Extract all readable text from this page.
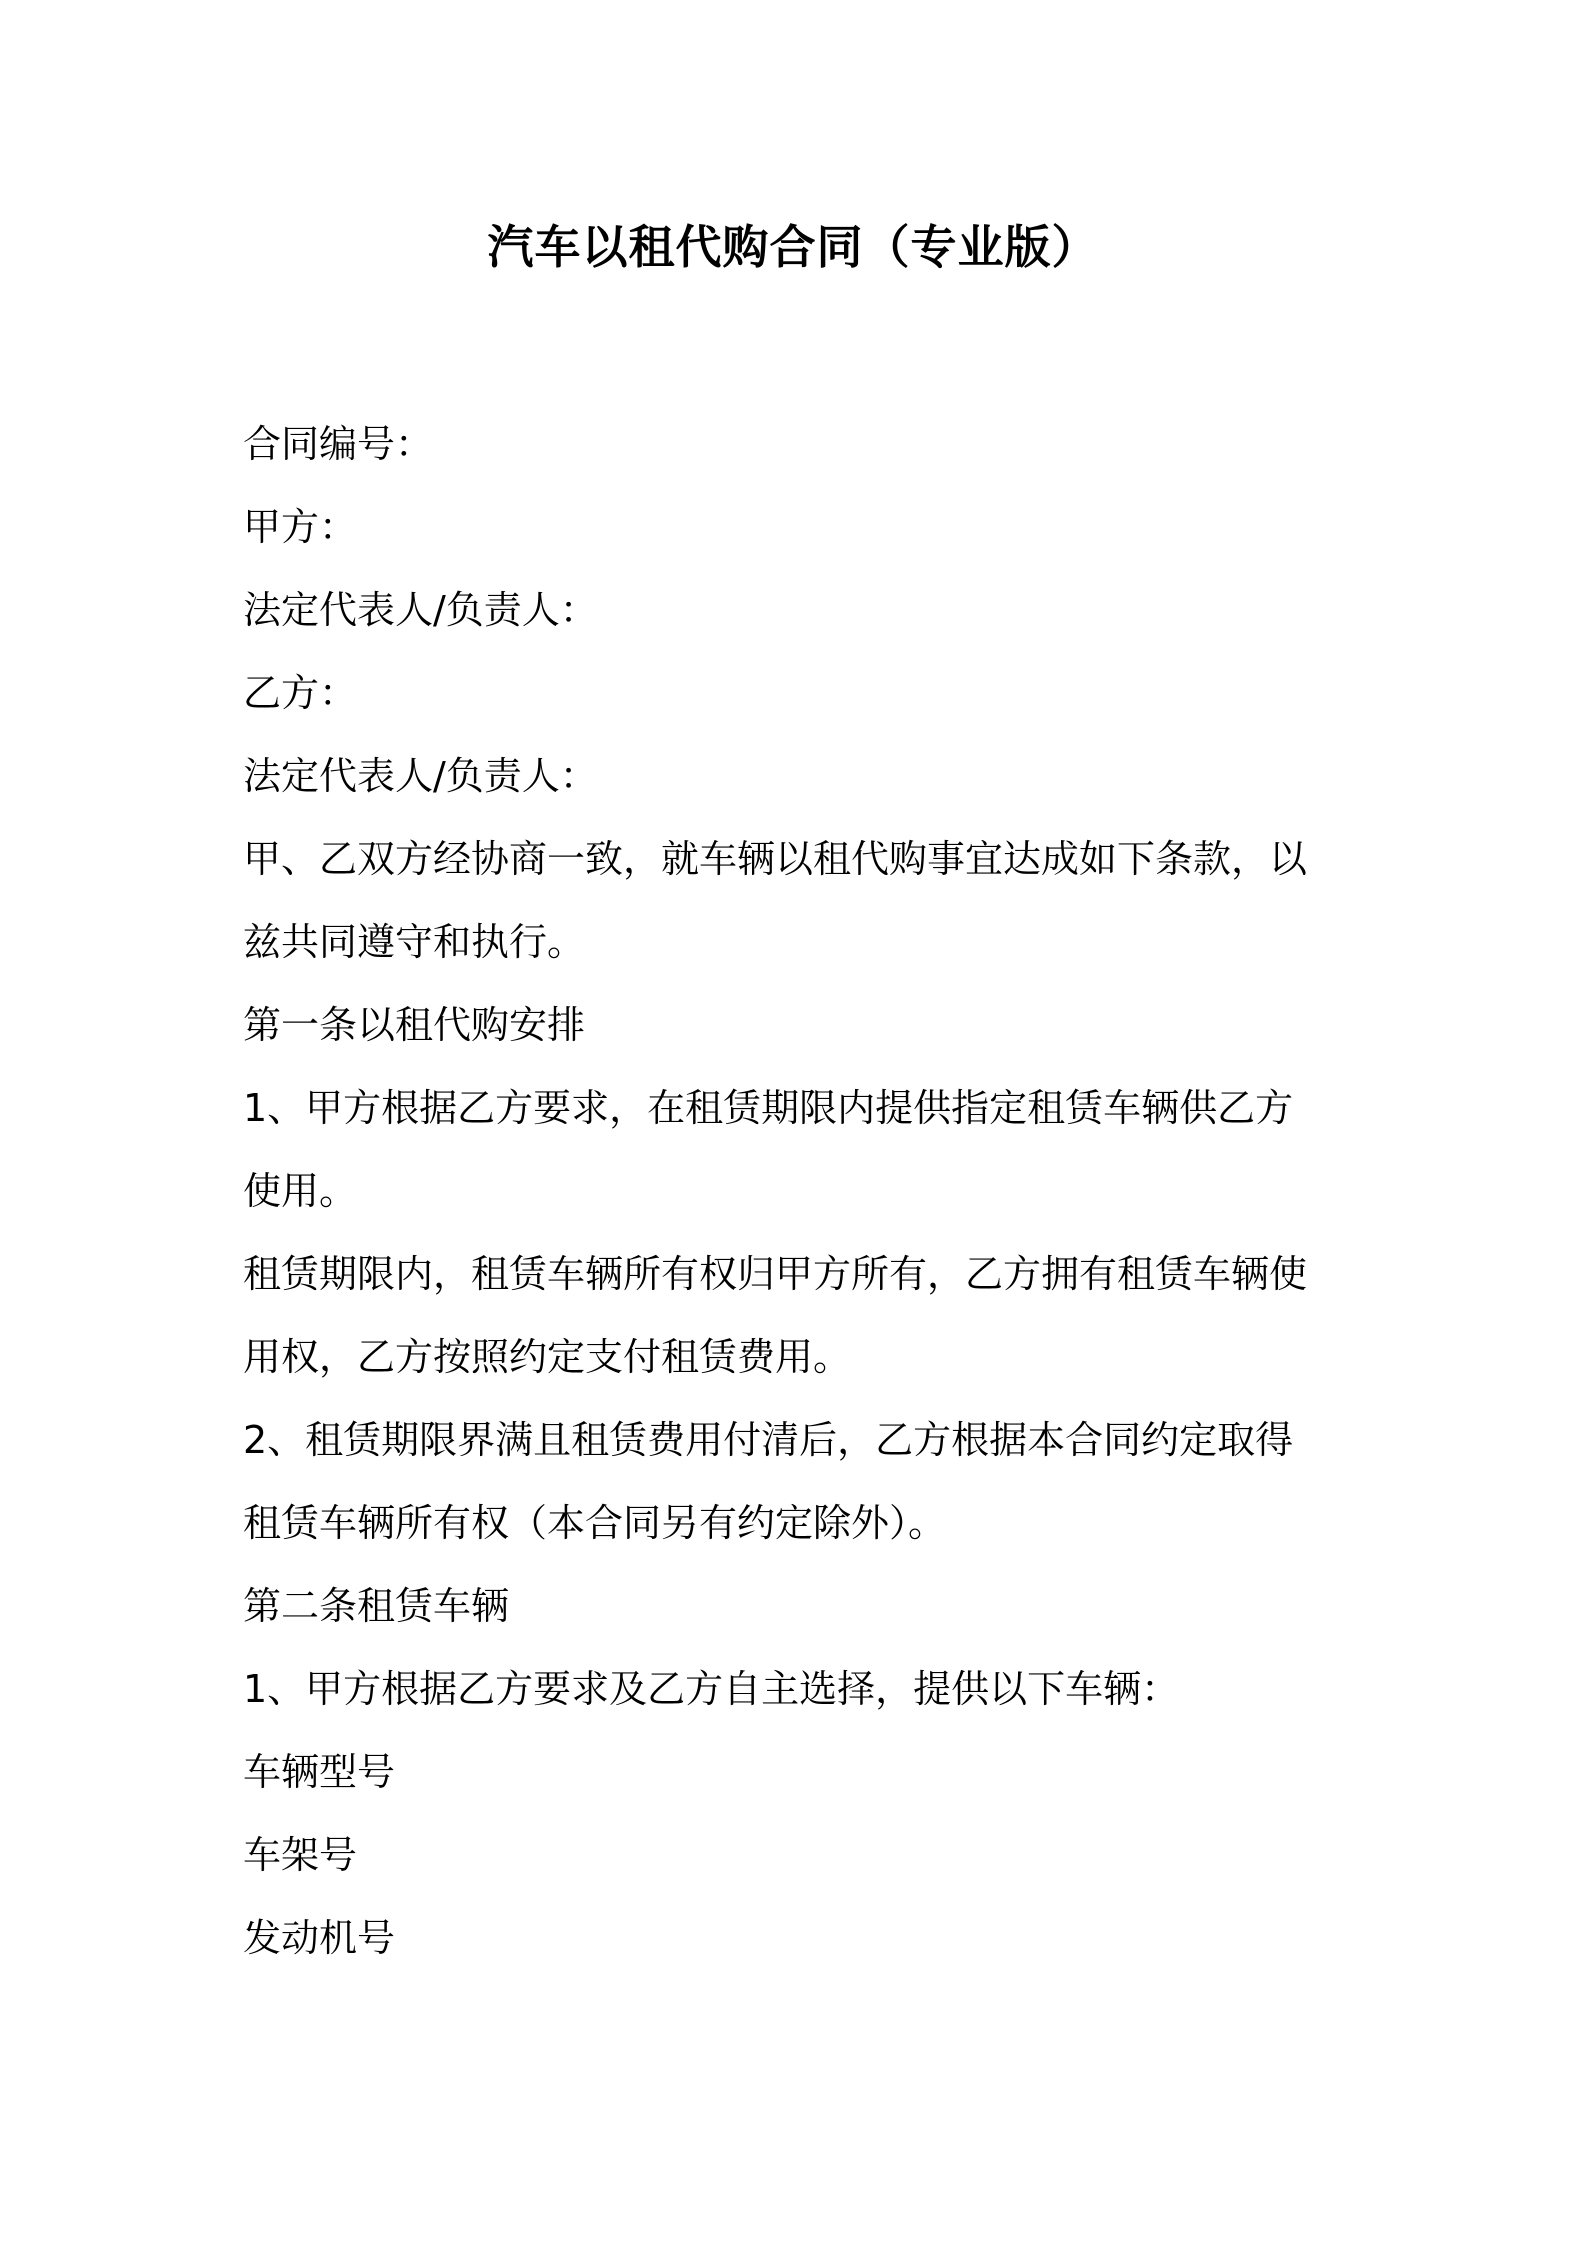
汽车以租代购合同（专业版）

合同编号：

甲方：

法定代表人/负责人：

乙方：

法定代表人/负责人：

甲、乙双方经协商一致，就车辆以租代购事宜达成如下条款，以

兹共同遵守和执行。

第一条以租代购安排

1、甲方根据乙方要求，在租赁期限内提供指定租赁车辆供乙方

使用。

租赁期限内，租赁车辆所有权归甲方所有，乙方拥有租赁车辆使

用权，乙方按照约定支付租赁费用。

2、租赁期限界满且租赁费用付清后，乙方根据本合同约定取得

租赁车辆所有权（本合同另有约定除外）。

第二条租赁车辆

1、甲方根据乙方要求及乙方自主选择，提供以下车辆：

车辆型号

车架号

发动机号
